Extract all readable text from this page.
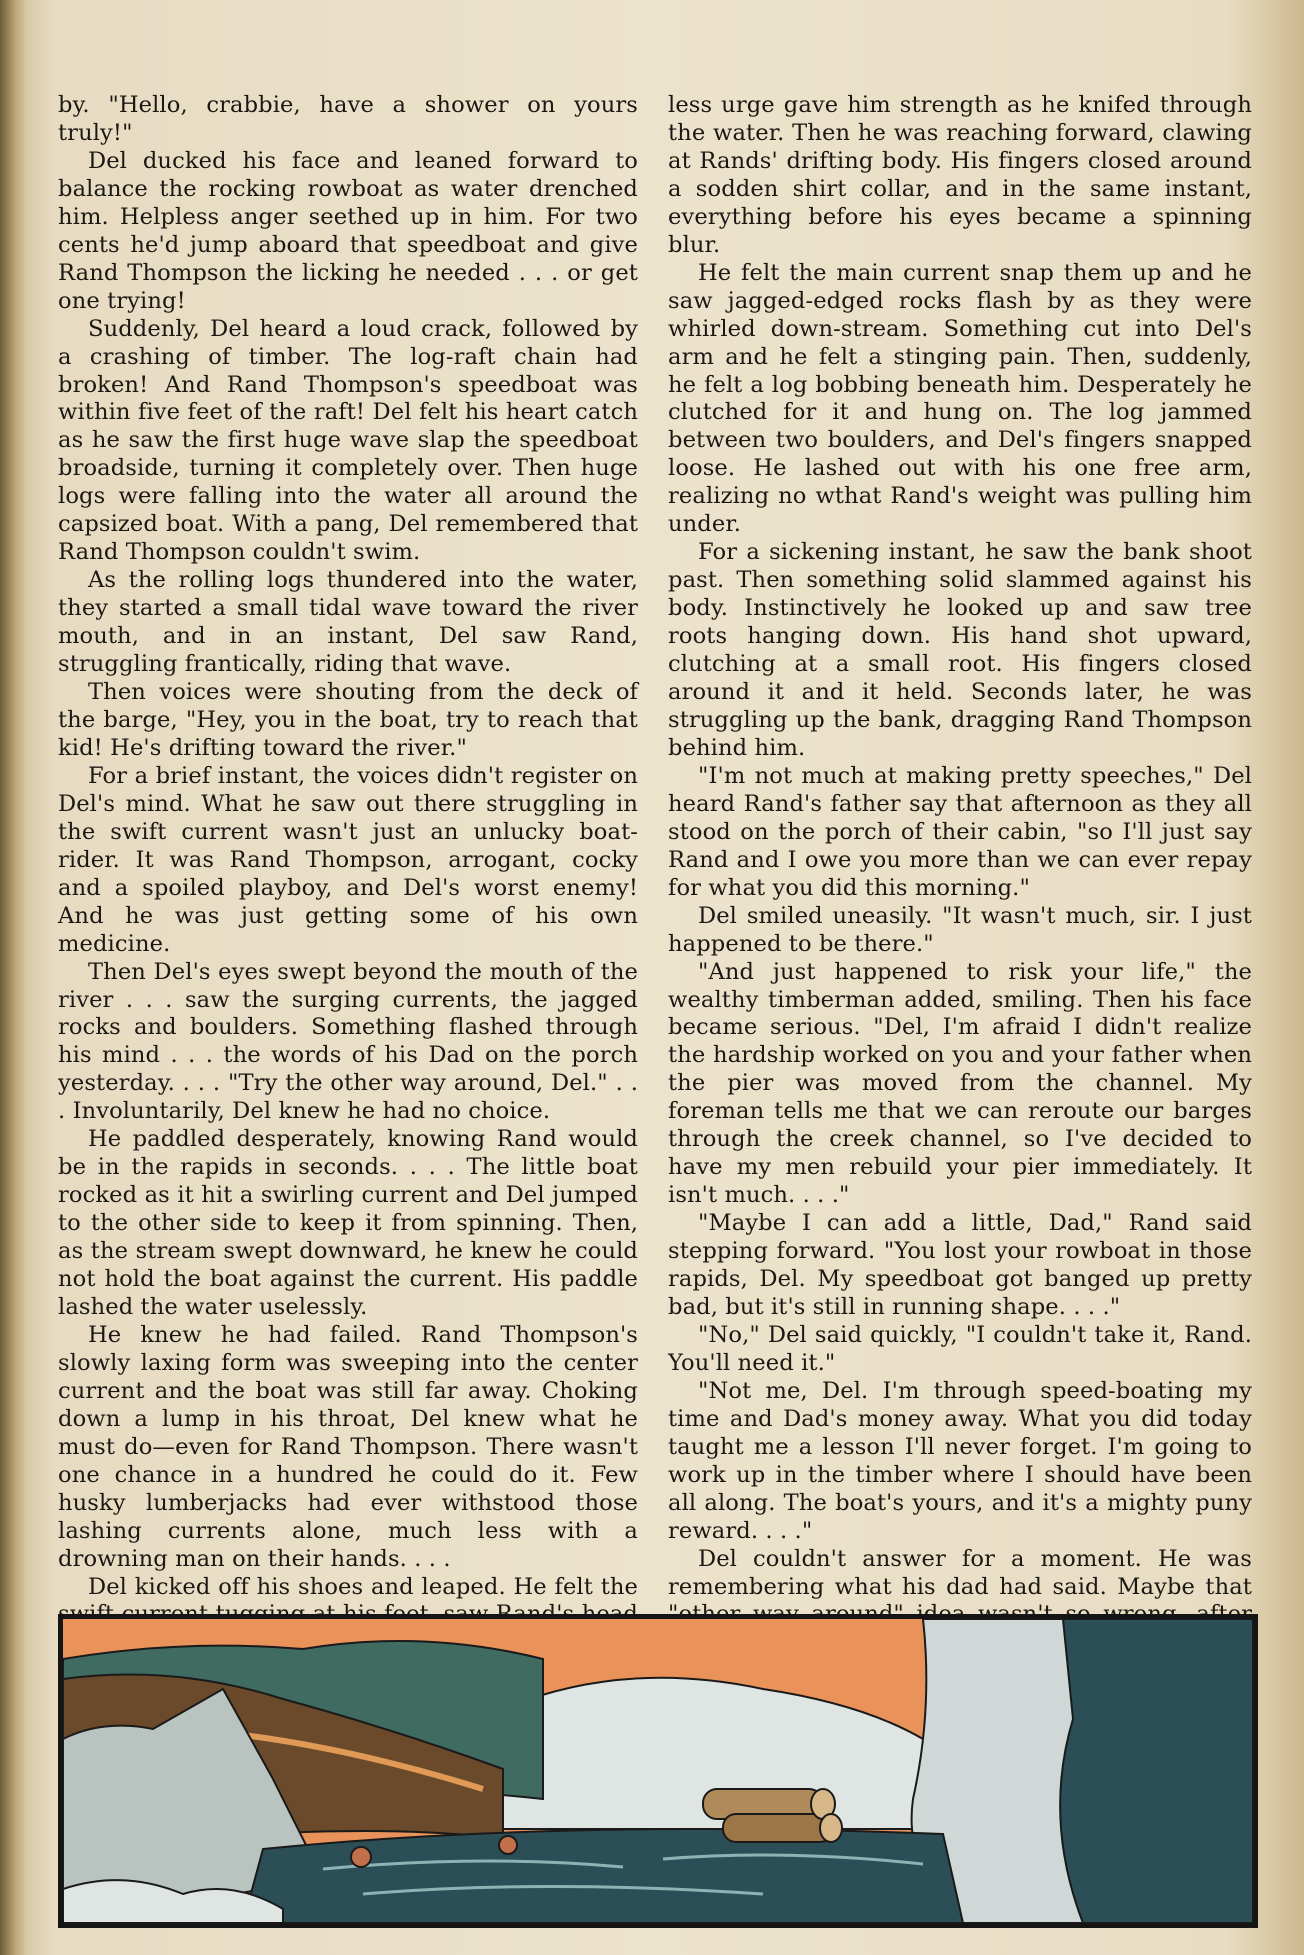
by. "Hello, crabbie, have a shower on yours truly!"

Del ducked his face and leaned forward to balance the rocking rowboat as water drenched him. Helpless anger seethed up in him. For two cents he'd jump aboard that speedboat and give Rand Thompson the licking he needed . . . or get one trying!

Suddenly, Del heard a loud crack, followed by a crashing of timber. The log-raft chain had broken! And Rand Thompson's speedboat was within five feet of the raft! Del felt his heart catch as he saw the first huge wave slap the speedboat broadside, turning it completely over. Then huge logs were falling into the water all around the capsized boat. With a pang, Del remembered that Rand Thompson couldn't swim.

As the rolling logs thundered into the water, they started a small tidal wave toward the river mouth, and in an instant, Del saw Rand, struggling frantically, riding that wave.

Then voices were shouting from the deck of the barge, "Hey, you in the boat, try to reach that kid! He's drifting toward the river."

For a brief instant, the voices didn't register on Del's mind. What he saw out there struggling in the swift current wasn't just an unlucky boat-rider. It was Rand Thompson, arrogant, cocky and a spoiled playboy, and Del's worst enemy! And he was just getting some of his own medicine.

Then Del's eyes swept beyond the mouth of the river . . . saw the surging currents, the jagged rocks and boulders. Something flashed through his mind . . . the words of his Dad on the porch yesterday. . . . "Try the other way around, Del." . . . Involuntarily, Del knew he had no choice.

He paddled desperately, knowing Rand would be in the rapids in seconds. . . . The little boat rocked as it hit a swirling current and Del jumped to the other side to keep it from spinning. Then, as the stream swept downward, he knew he could not hold the boat against the current. His paddle lashed the water uselessly.

He knew he had failed. Rand Thompson's slowly laxing form was sweeping into the center current and the boat was still far away. Choking down a lump in his throat, Del knew what he must do—even for Rand Thompson. There wasn't one chance in a hundred he could do it. Few husky lumberjacks had ever withstood those lashing currents alone, much less with a drowning man on their hands. . . .

Del kicked off his shoes and leaped. He felt the

less urge gave him strength as he knifed through the water. Then he was reaching forward, clawing at Rands' drifting body. His fingers closed around a sodden shirt collar, and in the same instant, everything before his eyes became a spinning blur.

He felt the main current snap them up and he saw jagged-edged rocks flash by as they were whirled down-stream. Something cut into Del's arm and he felt a stinging pain. Then, suddenly, he felt a log bobbing beneath him. Desperately he clutched for it and hung on. The log jammed between two boulders, and Del's fingers snapped loose. He lashed out with his one free arm, realizing no wthat Rand's weight was pulling him under.

For a sickening instant, he saw the bank shoot past. Then something solid slammed against his body. Instinctively he looked up and saw tree roots hanging down. His hand shot upward, clutching at a small root. His fingers closed around it and it held. Seconds later, he was struggling up the bank, dragging Rand Thompson behind him.

"I'm not much at making pretty speeches," Del heard Rand's father say that afternoon as they all stood on the porch of their cabin, "so I'll just say Rand and I owe you more than we can ever repay for what you did this morning."

Del smiled uneasily. "It wasn't much, sir. I just happened to be there."

"And just happened to risk your life," the wealthy timberman added, smiling. Then his face became serious. "Del, I'm afraid I didn't realize the hardship worked on you and your father when the pier was moved from the channel. My foreman tells me that we can reroute our barges through the creek channel, so I've decided to have my men rebuild your pier immediately. It isn't much. . . ."

"Maybe I can add a little, Dad," Rand said stepping forward. "You lost your rowboat in those rapids, Del. My speedboat got banged up pretty bad, but it's still in running shape. . . ."

"No," Del said quickly, "I couldn't take it, Rand. You'll need it."

"Not me, Del. I'm through speed-boating my time and Dad's money away. What you did today taught me a lesson I'll never forget. I'm going to work up in the timber where I should have been all along. The boat's yours, and it's a mighty puny reward. . . ."

Del couldn't answer for a moment. He was remembering what his dad had said. Maybe that
